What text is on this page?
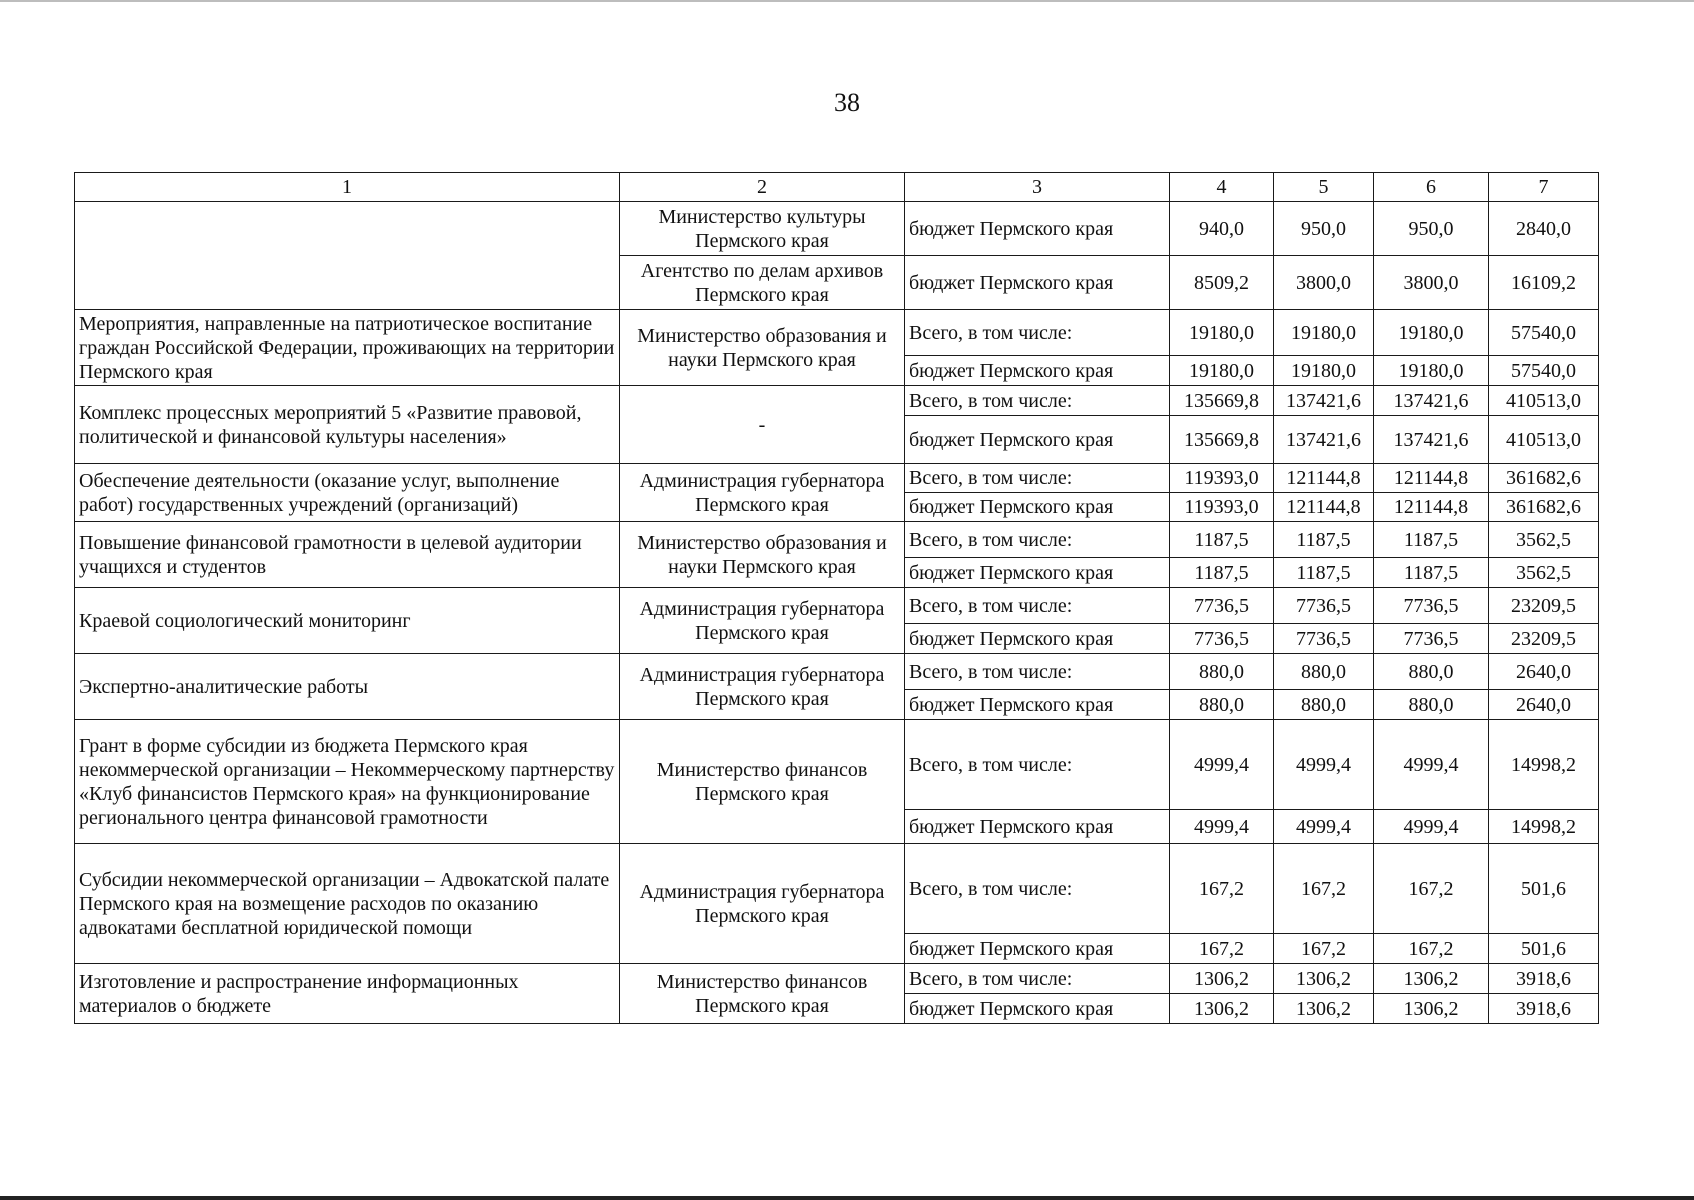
38
1	2	3	4	5	6	7
	Министерство культуры Пермского края	бюджет Пермского края	940,0	950,0	950,0	2840,0
	Агентство по делам архивов Пермского края	бюджет Пермского края	8509,2	3800,0	3800,0	16109,2
Мероприятия, направленные на патриотическое воспитание граждан Российской Федерации, проживающих на территории Пермского края	Министерство образования и науки Пермского края	Всего, в том числе:	19180,0	19180,0	19180,0	57540,0
		бюджет Пермского края	19180,0	19180,0	19180,0	57540,0
Комплекс процессных мероприятий 5 «Развитие правовой, политической и финансовой культуры населения»	-	Всего, в том числе:	135669,8	137421,6	137421,6	410513,0
		бюджет Пермского края	135669,8	137421,6	137421,6	410513,0
Обеспечение деятельности (оказание услуг, выполнение работ) государственных учреждений (организаций)	Администрация губернатора Пермского края	Всего, в том числе:	119393,0	121144,8	121144,8	361682,6
		бюджет Пермского края	119393,0	121144,8	121144,8	361682,6
Повышение финансовой грамотности в целевой аудитории учащихся и студентов	Министерство образования и науки Пермского края	Всего, в том числе:	1187,5	1187,5	1187,5	3562,5
		бюджет Пермского края	1187,5	1187,5	1187,5	3562,5
Краевой социологический мониторинг	Администрация губернатора Пермского края	Всего, в том числе:	7736,5	7736,5	7736,5	23209,5
		бюджет Пермского края	7736,5	7736,5	7736,5	23209,5
Экспертно-аналитические работы	Администрация губернатора Пермского края	Всего, в том числе:	880,0	880,0	880,0	2640,0
		бюджет Пермского края	880,0	880,0	880,0	2640,0
Грант в форме субсидии из бюджета Пермского края некоммерческой организации – Некоммерческому партнерству «Клуб финансистов Пермского края» на функционирование регионального центра финансовой грамотности	Министерство финансов Пермского края	Всего, в том числе:	4999,4	4999,4	4999,4	14998,2
		бюджет Пермского края	4999,4	4999,4	4999,4	14998,2
Субсидии некоммерческой организации – Адвокатской палате Пермского края на возмещение расходов по оказанию адвокатами бесплатной юридической помощи	Администрация губернатора Пермского края	Всего, в том числе:	167,2	167,2	167,2	501,6
		бюджет Пермского края	167,2	167,2	167,2	501,6
Изготовление и распространение информационных материалов о бюджете	Министерство финансов Пермского края	Всего, в том числе:	1306,2	1306,2	1306,2	3918,6
		бюджет Пермского края	1306,2	1306,2	1306,2	3918,6
